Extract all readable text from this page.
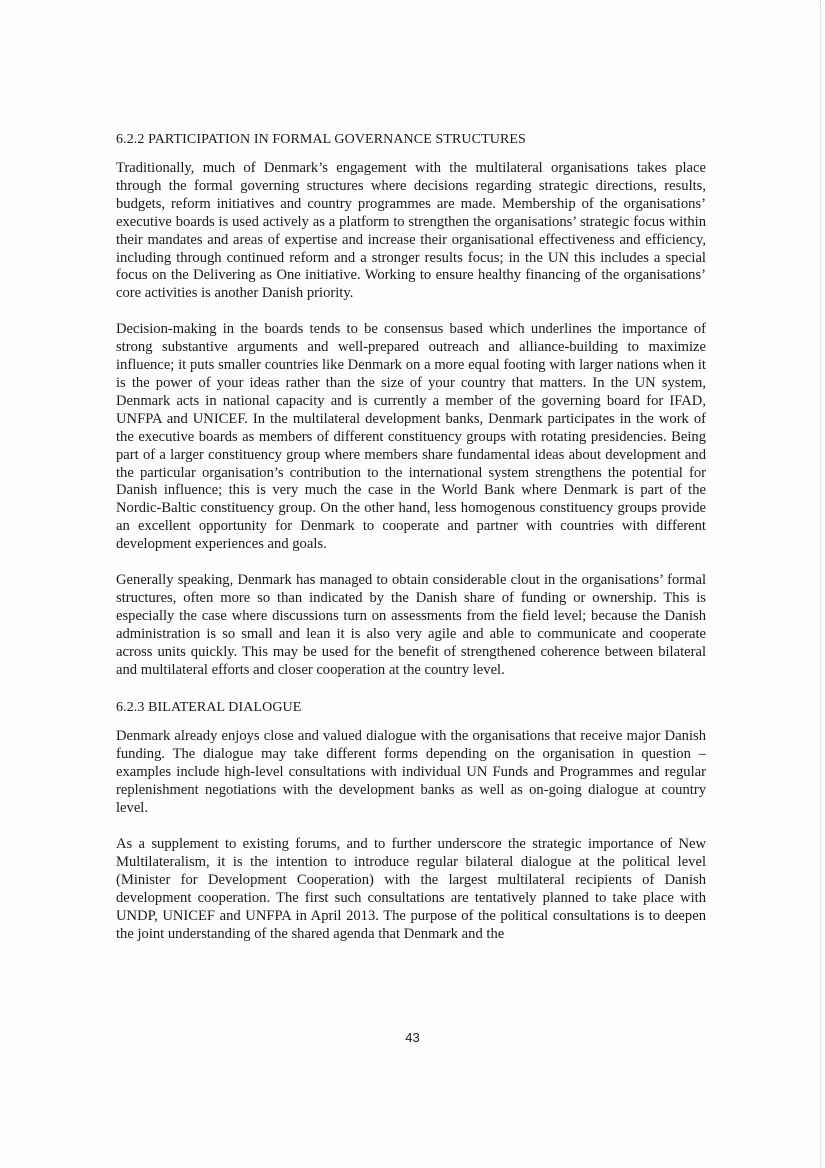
6.2.2 PARTICIPATION IN FORMAL GOVERNANCE STRUCTURES

Traditionally, much of Denmark’s engagement with the multilateral organisations takes place through the formal governing structures where decisions regarding strategic directions, results, budgets, reform initiatives and country programmes are made. Membership of the organisations’ executive boards is used actively as a platform to strengthen the organisations’ strategic focus within their mandates and areas of expertise and increase their organisational effectiveness and efficiency, including through continued reform and a stronger results focus; in the UN this includes a special focus on the Delivering as One initiative. Working to ensure healthy financing of the organisations’ core activities is another Danish priority.

Decision-making in the boards tends to be consensus based which underlines the importance of strong substantive arguments and well-prepared outreach and alliance-building to maximize influence; it puts smaller countries like Denmark on a more equal footing with larger nations when it is the power of your ideas rather than the size of your country that matters. In the UN system, Denmark acts in national capacity and is currently a member of the governing board for IFAD, UNFPA and UNICEF. In the multilateral development banks, Denmark participates in the work of the executive boards as members of different constituency groups with rotating presidencies. Being part of a larger constituency group where members share fundamental ideas about development and the particular organisation’s contribution to the international system strengthens the potential for Danish influence; this is very much the case in the World Bank where Denmark is part of the Nordic-Baltic constituency group. On the other hand, less homogenous constituency groups provide an excellent opportunity for Denmark to cooperate and partner with countries with different development experiences and goals.

Generally speaking, Denmark has managed to obtain considerable clout in the organisations’ formal structures, often more so than indicated by the Danish share of funding or ownership. This is especially the case where discussions turn on assessments from the field level; because the Danish administration is so small and lean it is also very agile and able to communicate and cooperate across units quickly. This may be used for the benefit of strengthened coherence between bilateral and multilateral efforts and closer cooperation at the country level.

6.2.3 BILATERAL DIALOGUE

Denmark already enjoys close and valued dialogue with the organisations that receive major Danish funding. The dialogue may take different forms depending on the organisation in question – examples include high-level consultations with individual UN Funds and Programmes and regular replenishment negotiations with the development banks as well as on-going dialogue at country level.

As a supplement to existing forums, and to further underscore the strategic importance of New Multilateralism, it is the intention to introduce regular bilateral dialogue at the political level (Minister for Development Cooperation) with the largest multilateral recipients of Danish development cooperation. The first such consultations are tentatively planned to take place with UNDP, UNICEF and UNFPA in April 2013. The purpose of the political consultations is to deepen the joint understanding of the shared agenda that Denmark and the

43
